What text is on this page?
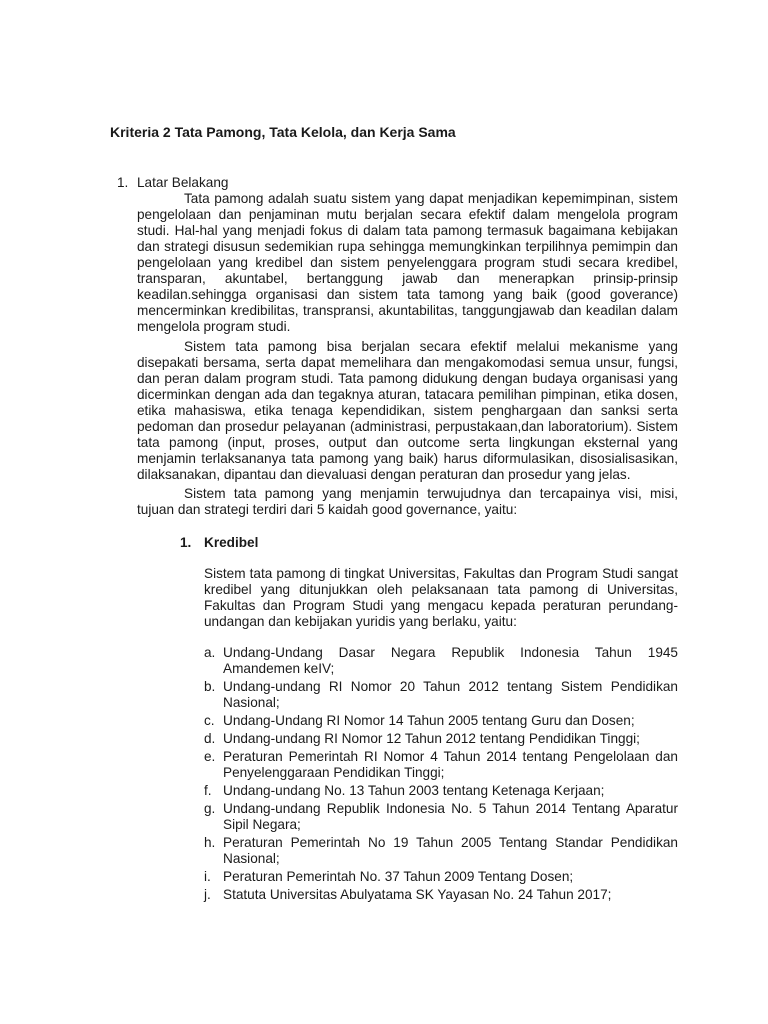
Kriteria 2 Tata Pamong, Tata Kelola, dan Kerja Sama
1. Latar Belakang

Tata pamong adalah suatu sistem yang dapat menjadikan kepemimpinan, sistem pengelolaan dan penjaminan mutu berjalan secara efektif dalam mengelola program studi. Hal-hal yang menjadi fokus di dalam tata pamong termasuk bagaimana kebijakan dan strategi disusun sedemikian rupa sehingga memungkinkan terpilihnya pemimpin dan pengelolaan yang kredibel dan sistem penyelenggara program studi secara kredibel, transparan, akuntabel, bertanggung jawab dan menerapkan prinsip-prinsip keadilan.sehingga organisasi dan sistem tata tamong yang baik (good goverance) mencerminkan kredibilitas, transpransi, akuntabilitas, tanggungjawab dan keadilan dalam mengelola program studi.

Sistem tata pamong bisa berjalan secara efektif melalui mekanisme yang disepakati bersama, serta dapat memelihara dan mengakomodasi semua unsur, fungsi, dan peran dalam program studi. Tata pamong didukung dengan budaya organisasi yang dicerminkan dengan ada dan tegaknya aturan, tatacara pemilihan pimpinan, etika dosen, etika mahasiswa, etika tenaga kependidikan, sistem penghargaan dan sanksi serta pedoman dan prosedur pelayanan (administrasi, perpustakaan,dan laboratorium). Sistem tata pamong (input, proses, output dan outcome serta lingkungan eksternal yang menjamin terlaksananya tata pamong yang baik) harus diformulasikan, disosialisasikan, dilaksanakan, dipantau dan dievaluasi dengan peraturan dan prosedur yang jelas.

Sistem tata pamong yang menjamin terwujudnya dan tercapainya visi, misi, tujuan dan strategi terdiri dari 5 kaidah good governance, yaitu:

1. Kredibel

Sistem tata pamong di tingkat Universitas, Fakultas dan Program Studi sangat kredibel yang ditunjukkan oleh pelaksanaan tata pamong di Universitas, Fakultas dan Program Studi yang mengacu kepada peraturan perundang-undangan dan kebijakan yuridis yang berlaku, yaitu:

a. Undang-Undang Dasar Negara Republik Indonesia Tahun 1945 Amandemen keIV;
b. Undang-undang RI Nomor 20 Tahun 2012 tentang Sistem Pendidikan Nasional;
c. Undang-Undang RI Nomor 14 Tahun 2005 tentang Guru dan Dosen;
d. Undang-undang RI Nomor 12 Tahun 2012 tentang Pendidikan Tinggi;
e. Peraturan Pemerintah RI Nomor 4 Tahun 2014 tentang Pengelolaan dan Penyelenggaraan Pendidikan Tinggi;
f. Undang-undang No. 13 Tahun 2003 tentang Ketenaga Kerjaan;
g. Undang-undang Republik Indonesia No. 5 Tahun 2014 Tentang Aparatur Sipil Negara;
h. Peraturan Pemerintah No 19 Tahun 2005 Tentang Standar Pendidikan Nasional;
i. Peraturan Pemerintah No. 37 Tahun 2009 Tentang Dosen;
j. Statuta Universitas Abulyatama SK Yayasan No. 24 Tahun 2017;
